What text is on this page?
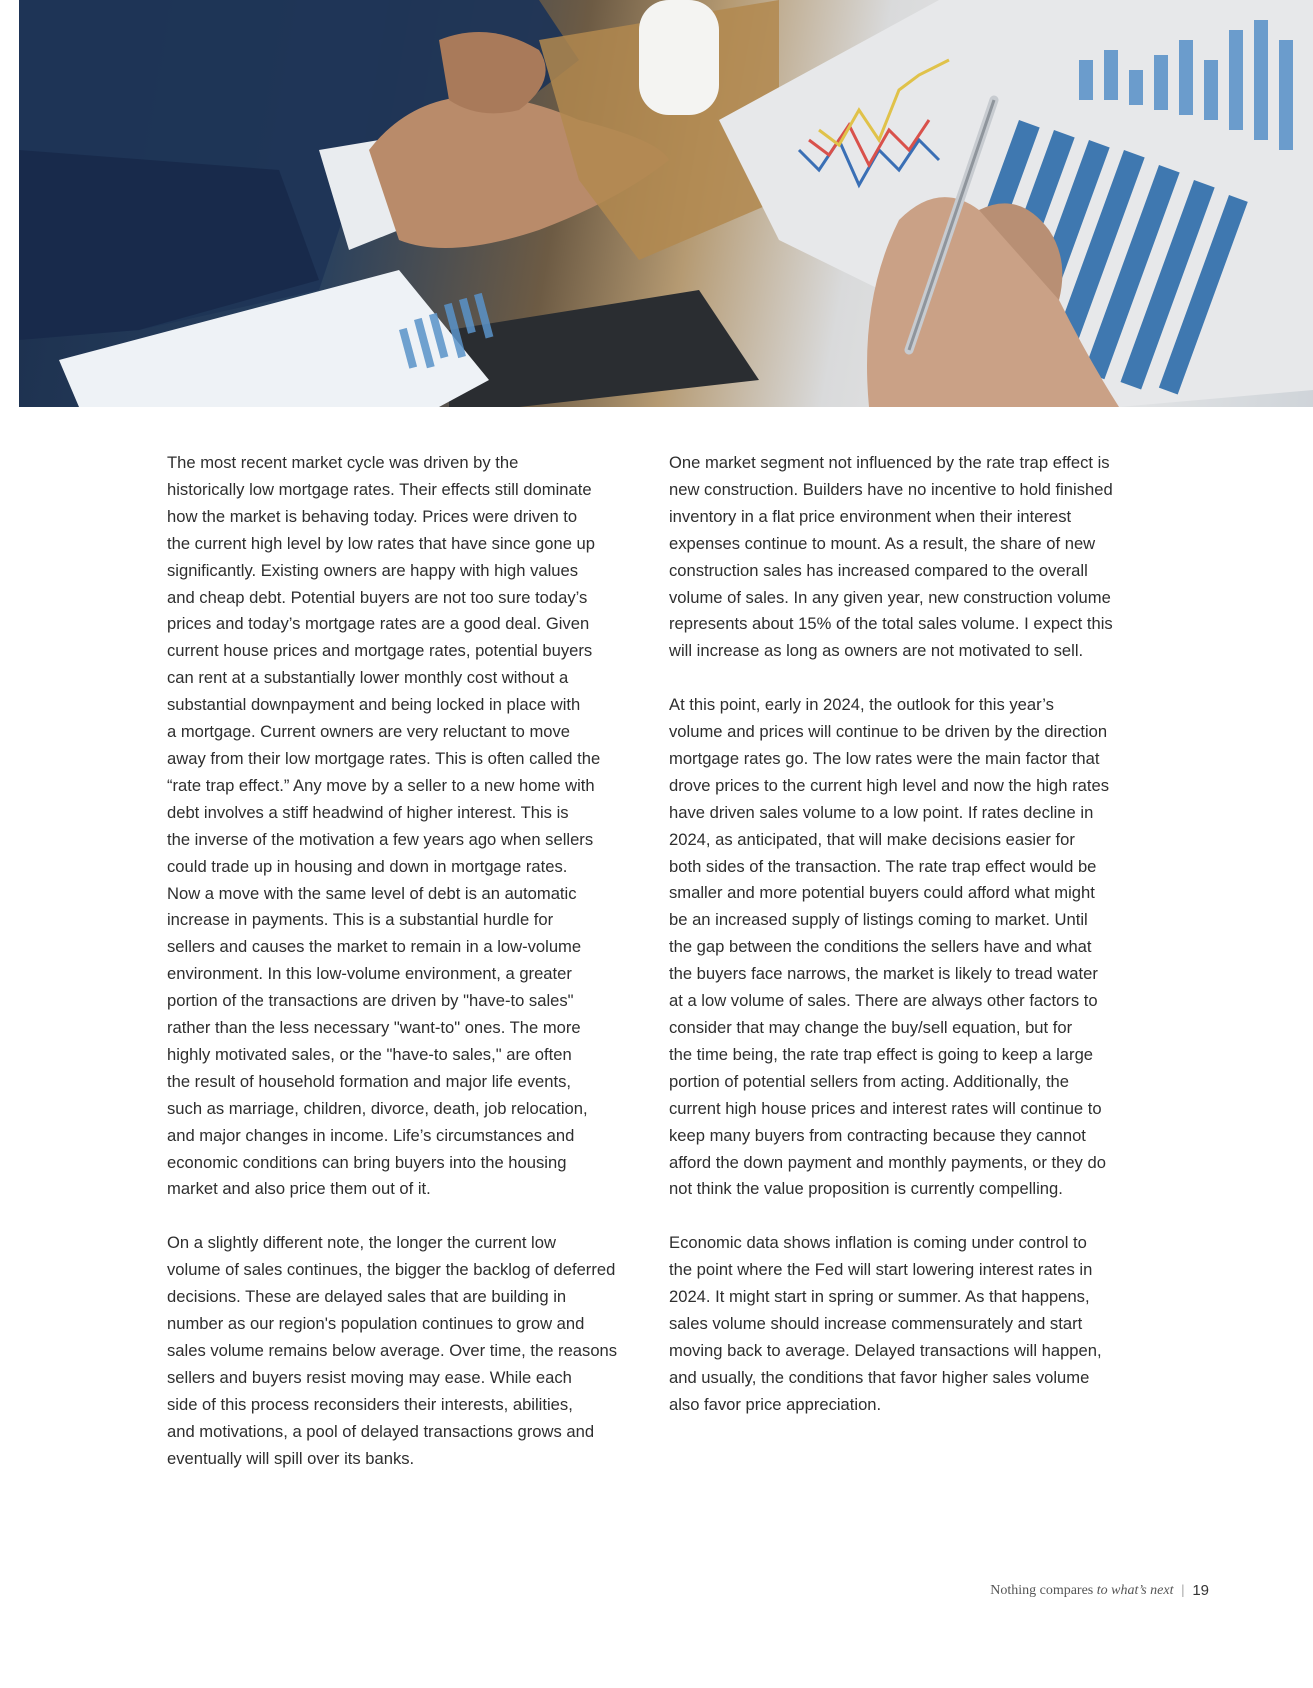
The most recent market cycle was driven by the
historically low mortgage rates. Their effects still dominate
how the market is behaving today. Prices were driven to
the current high level by low rates that have since gone up
significantly. Existing owners are happy with high values
and cheap debt. Potential buyers are not too sure today’s
prices and today’s mortgage rates are a good deal. Given
current house prices and mortgage rates, potential buyers
can rent at a substantially lower monthly cost without a
substantial downpayment and being locked in place with
a mortgage. Current owners are very reluctant to move
away from their low mortgage rates. This is often called the
“rate trap effect.” Any move by a seller to a new home with
debt involves a stiff headwind of higher interest. This is
the inverse of the motivation a few years ago when sellers
could trade up in housing and down in mortgage rates.
Now a move with the same level of debt is an automatic
increase in payments. This is a substantial hurdle for
sellers and causes the market to remain in a low-volume
environment. In this low-volume environment, a greater
portion of the transactions are driven by "have-to sales"
rather than the less necessary "want-to" ones. The more
highly motivated sales, or the "have-to sales," are often
the result of household formation and major life events,
such as marriage, children, divorce, death, job relocation,
and major changes in income. Life’s circumstances and
economic conditions can bring buyers into the housing
market and also price them out of it.

On a slightly different note, the longer the current low
volume of sales continues, the bigger the backlog of deferred
decisions. These are delayed sales that are building in
number as our region's population continues to grow and
sales volume remains below average. Over time, the reasons
sellers and buyers resist moving may ease. While each
side of this process reconsiders their interests, abilities,
and motivations, a pool of delayed transactions grows and
eventually will spill over its banks.

One market segment not influenced by the rate trap effect is
new construction. Builders have no incentive to hold finished
inventory in a flat price environment when their interest
expenses continue to mount. As a result, the share of new
construction sales has increased compared to the overall
volume of sales. In any given year, new construction volume
represents about 15% of the total sales volume. I expect this
will increase as long as owners are not motivated to sell.

At this point, early in 2024, the outlook for this year’s
volume and prices will continue to be driven by the direction
mortgage rates go. The low rates were the main factor that
drove prices to the current high level and now the high rates
have driven sales volume to a low point. If rates decline in
2024, as anticipated, that will make decisions easier for
both sides of the transaction. The rate trap effect would be
smaller and more potential buyers could afford what might
be an increased supply of listings coming to market. Until
the gap between the conditions the sellers have and what
the buyers face narrows, the market is likely to tread water
at a low volume of sales. There are always other factors to
consider that may change the buy/sell equation, but for
the time being, the rate trap effect is going to keep a large
portion of potential sellers from acting. Additionally, the
current high house prices and interest rates will continue to
keep many buyers from contracting because they cannot
afford the down payment and monthly payments, or they do
not think the value proposition is currently compelling.

Economic data shows inflation is coming under control to
the point where the Fed will start lowering interest rates in
2024. It might start in spring or summer. As that happens,
sales volume should increase commensurately and start
moving back to average. Delayed transactions will happen,
and usually, the conditions that favor higher sales volume
also favor price appreciation.

Nothing compares to what’s next | 19
